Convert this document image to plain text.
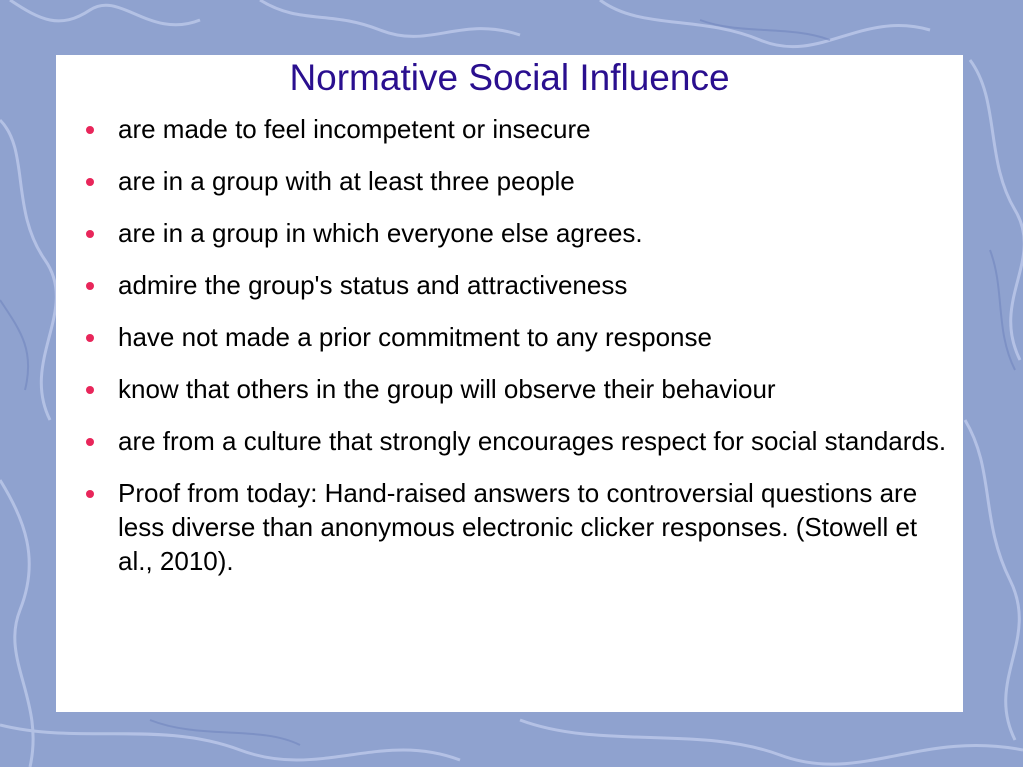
Normative Social Influence
are made to feel incompetent or insecure
are in a group with at least three people
are in a group in which everyone else agrees.
admire the group's status and attractiveness
have not made a prior commitment to any response
know that others in the group will observe their behaviour
are from a culture that strongly encourages respect for social standards.
Proof from today: Hand-raised answers to controversial questions are less diverse than anonymous electronic clicker responses. (Stowell et al., 2010).
